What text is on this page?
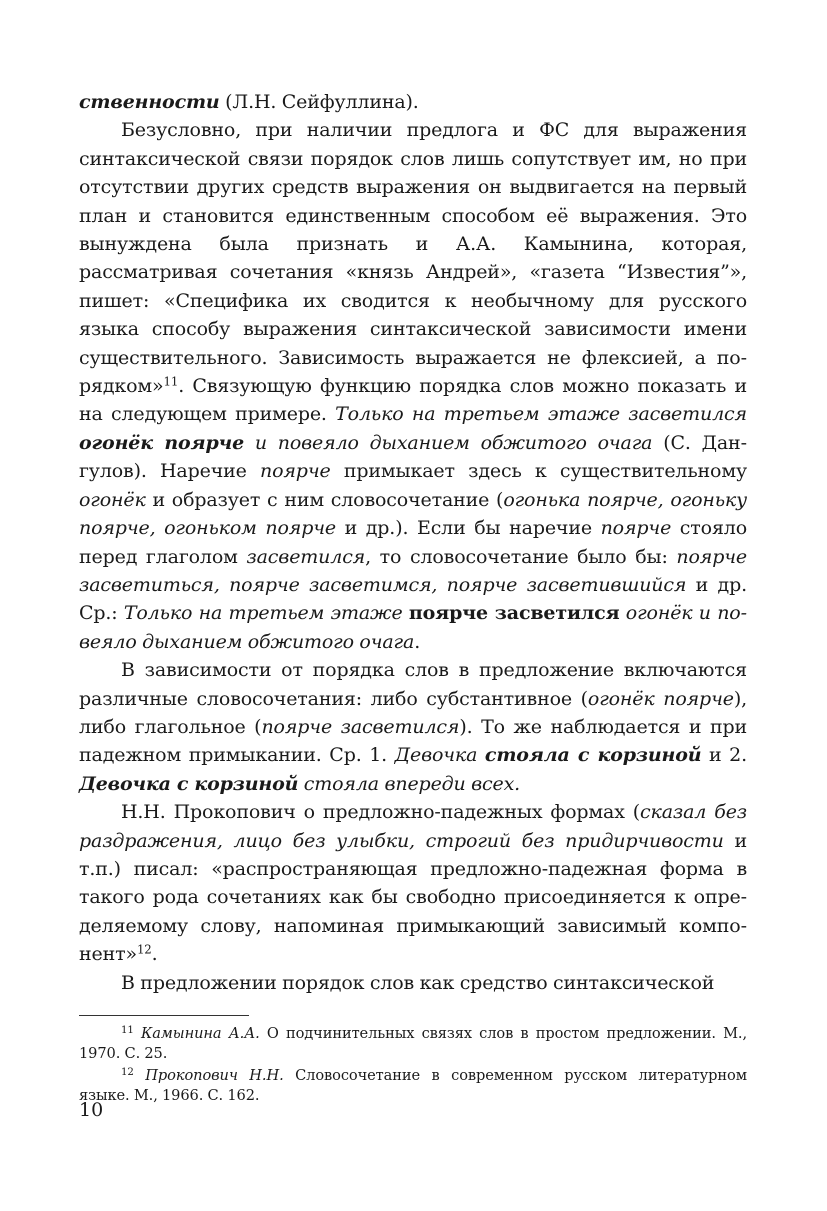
ственности (Л.Н. Сейфуллина).

Безусловно, при наличии предлога и ФС для выражения синтаксической связи порядок слов лишь сопутствует им, но при отсутствии других средств выражения он выдвигается на первый план и становится единственным способом её выражения. Это вынуждена была признать и А.А. Камынинa, которая, рассматривая сочетания «князь Андрей», «газета “Известия”», пишет: «Специфика их сводится к необычному для русского языка способу выражения синтаксической зависимости имени существительного. Зависимость выражается не флексией, а порядком»$^{11}$. Связующую функцию порядка слов можно показать и на следующем примере. Только на третьем этаже засветился огонёк поярче и повеяло дыханием обжитого очага (С. Дангулов). Наречие поярче примыкает здесь к существительному огонёк и образует с ним словосочетание (огонька поярче, огоньку поярче, огоньком поярче и др.). Если бы наречие поярче стояло перед глаголом засветился, то словосочетание было бы: поярче засветиться, поярче засветимся, поярче засветившийся и др. Ср.: Только на третьем этаже поярче засветился огонёк и повеяло дыханием обжитого очага.

В зависимости от порядка слов в предложение включаются различные словосочетания: либо субстантивное (огонёк поярче), либо глагольное (поярче засветился). То же наблюдается и при падежном примыкании. Ср. 1. Девочка стояла с корзиной и 2. Девочка с корзиной стояла впереди всех.

Н.Н. Прокопович о предложно-падежных формах (сказал без раздражения, лицо без улыбки, строгий без придирчивости и т.п.) писал: «распространяющая предложно-падежная форма в такого рода сочетаниях как бы свободно присоединяется к определяемому слову, напоминая примыкающий зависимый компонент»$^{12}$.

В предложении порядок слов как средство синтаксической

$^{11}$ Камынинa А.А. О подчинительных связях слов в простом предложении. М., 1970. С. 25.

$^{12}$ Прокопович Н.Н. Словосочетание в современном русском литературном языке. М., 1966. С. 162.

10
